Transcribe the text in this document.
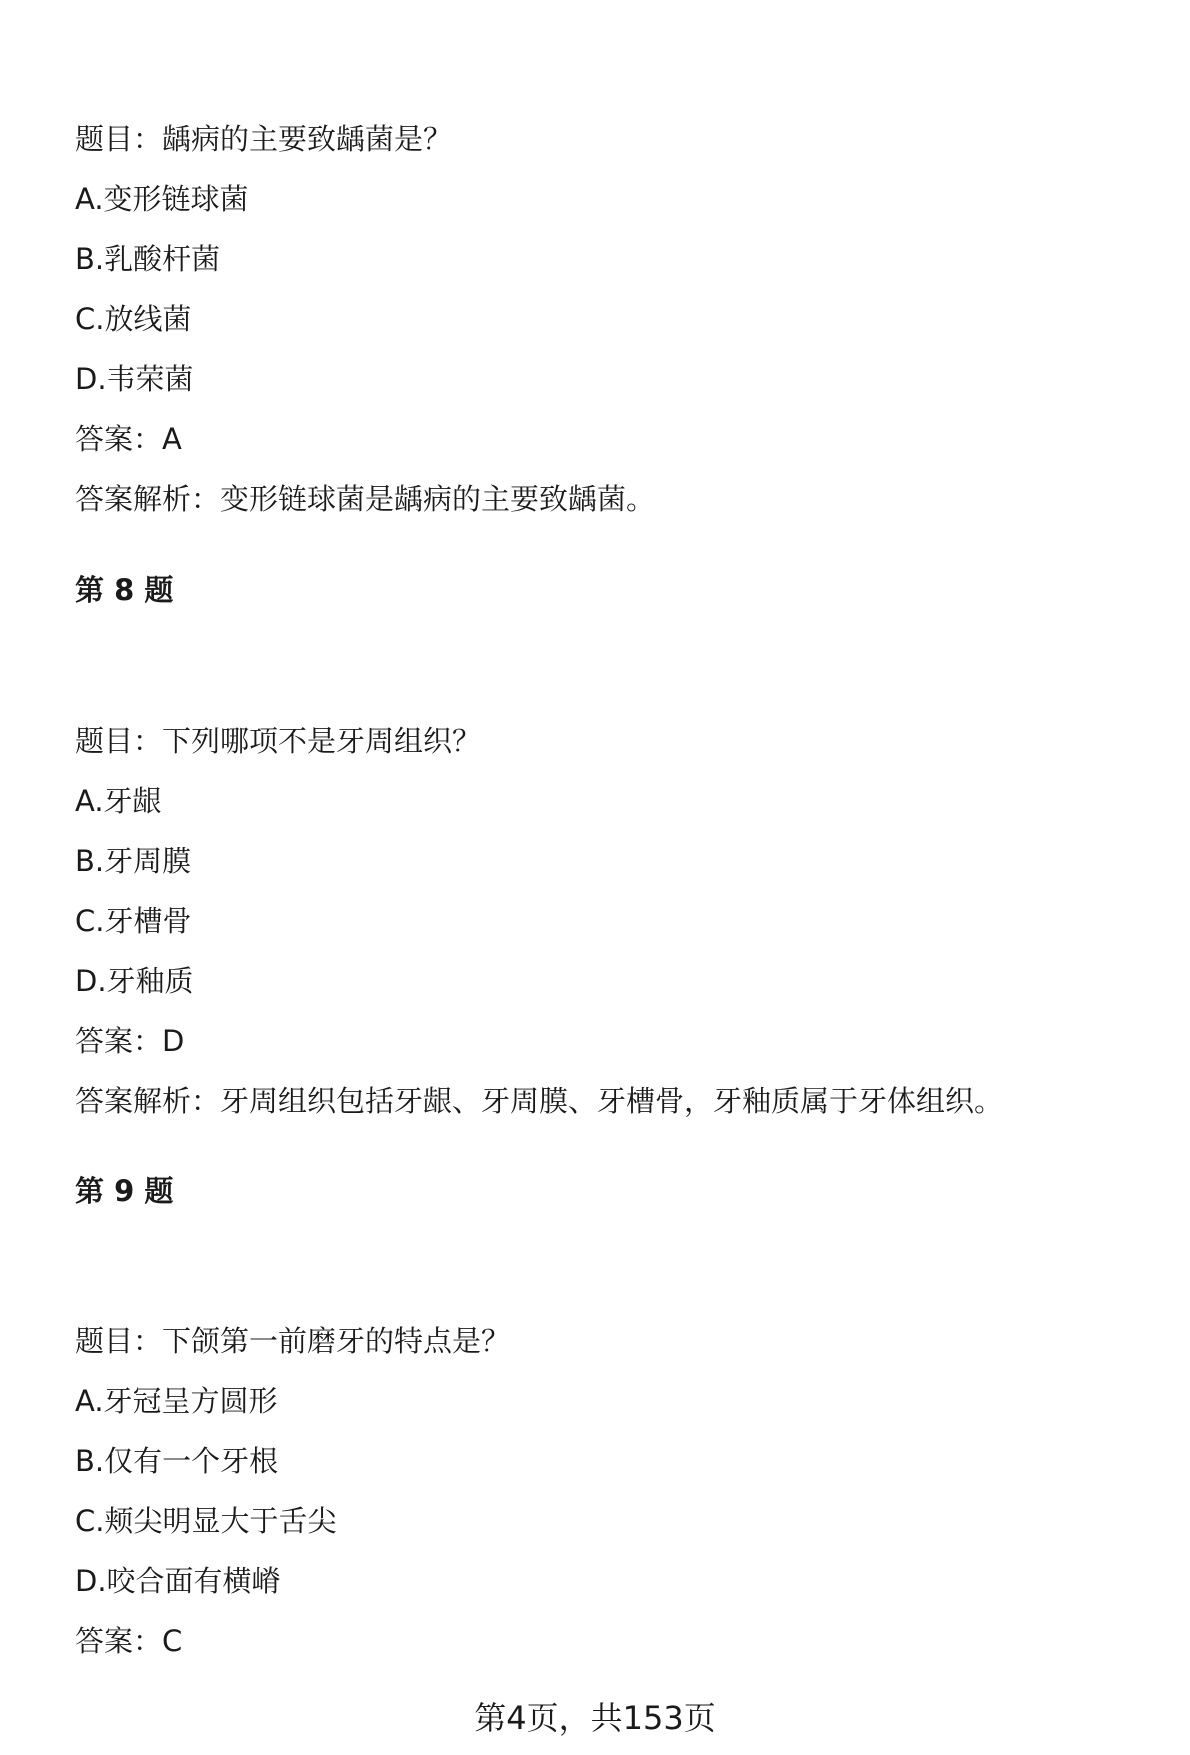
题目：龋病的主要致龋菌是？
A.变形链球菌
B.乳酸杆菌
C.放线菌
D.韦荣菌
答案：A
答案解析：变形链球菌是龋病的主要致龋菌。
第 8 题
题目：下列哪项不是牙周组织？
A.牙龈
B.牙周膜
C.牙槽骨
D.牙釉质
答案：D
答案解析：牙周组织包括牙龈、牙周膜、牙槽骨，牙釉质属于牙体组织。
第 9 题
题目：下颌第一前磨牙的特点是？
A.牙冠呈方圆形
B.仅有一个牙根
C.颊尖明显大于舌尖
D.咬合面有横嵴
答案：C
第4页，共153页
